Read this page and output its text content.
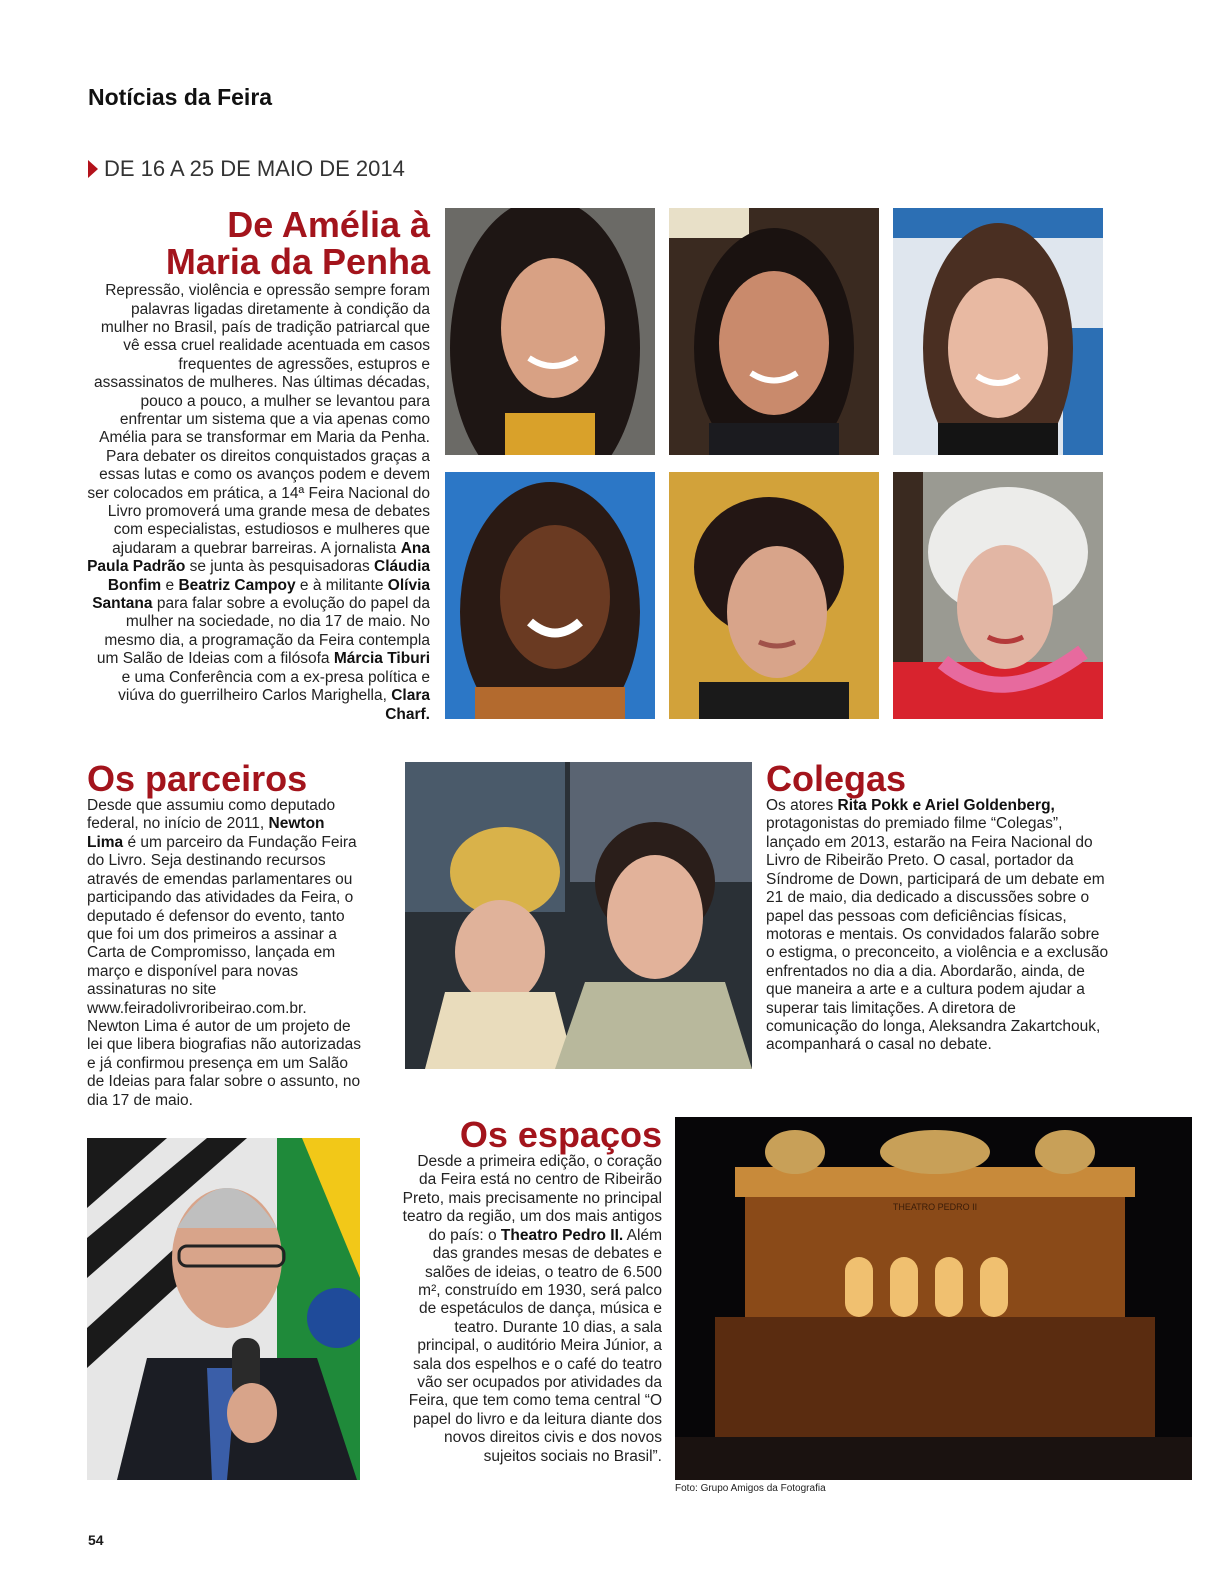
Notícias da Feira
DE 16 A 25 DE MAIO DE 2014
De Amélia à
Maria da Penha
Repressão, violência e opressão sempre foram palavras ligadas diretamente à condição da mulher no Brasil, país de tradição patriarcal que vê essa cruel realidade acentuada em casos frequentes de agressões, estupros e assassinatos de mulheres. Nas últimas décadas, pouco a pouco, a mulher se levantou para enfrentar um sistema que a via apenas como Amélia para se transformar em Maria da Penha. Para debater os direitos conquistados graças a essas lutas e como os avanços podem e devem ser colocados em prática, a 14ª Feira Nacional do Livro promoverá uma grande mesa de debates com especialistas, estudiosos e mulheres que ajudaram a quebrar barreiras. A jornalista Ana Paula Padrão se junta às pesquisadoras Cláudia Bonfim e Beatriz Campoy e à militante Olívia Santana para falar sobre a evolução do papel da mulher na sociedade, no dia 17 de maio. No mesmo dia, a programação da Feira contempla um Salão de Ideias com a filósofa Márcia Tiburi e uma Conferência com a ex-presa política e viúva do guerrilheiro Carlos Marighella, Clara Charf.
Os parceiros
Desde que assumiu como deputado federal, no início de 2011, Newton Lima é um parceiro da Fundação Feira do Livro. Seja destinando recursos através de emendas parlamentares ou participando das atividades da Feira, o deputado é defensor do evento, tanto que foi um dos primeiros a assinar a Carta de Compromisso, lançada em março e disponível para novas assinaturas no site www.feiradolivroribeirao.com.br. Newton Lima é autor de um projeto de lei que libera biografias não autorizadas e já confirmou presença em um Salão de Ideias para falar sobre o assunto, no dia 17 de maio.
Colegas
Os atores Rita Pokk e Ariel Goldenberg, protagonistas do premiado filme “Colegas”, lançado em 2013, estarão na Feira Nacional do Livro de Ribeirão Preto. O casal, portador da Síndrome de Down, participará de um debate em 21 de maio, dia dedicado a discussões sobre o papel das pessoas com deficiências físicas, motoras e mentais. Os convidados falarão sobre o estigma, o preconceito, a violência e a exclusão enfrentados no dia a dia. Abordarão, ainda, de que maneira a arte e a cultura podem ajudar a superar tais limitações. A diretora de comunicação do longa, Aleksandra Zakartchouk, acompanhará o casal no debate.
Os espaços
Desde a primeira edição, o coração da Feira está no centro de Ribeirão Preto, mais precisamente no principal teatro da região, um dos mais antigos do país: o Theatro Pedro II. Além das grandes mesas de debates e salões de ideias, o teatro de 6.500 m², construído em 1930, será palco de espetáculos de dança, música e teatro. Durante 10 dias, a sala principal, o auditório Meira Júnior, a sala dos espelhos e o café do teatro vão ser ocupados por atividades da Feira, que tem como tema central “O papel do livro e da leitura diante dos novos direitos civis e dos novos sujeitos sociais no Brasil”.
THEATRO PEDRO II
Foto: Grupo Amigos da Fotografia
54
